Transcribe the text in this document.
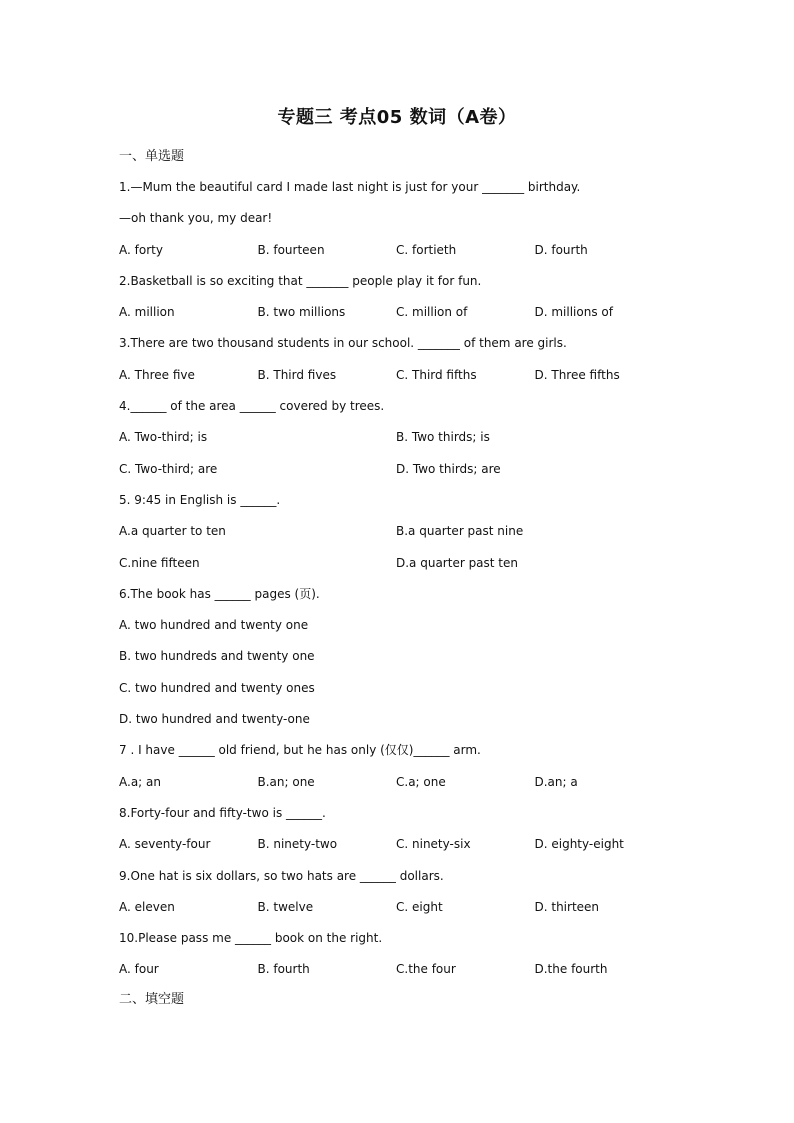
专题三 考点05 数词（A卷）
一、单选题
1.—Mum the beautiful card I made last night is just for your _______ birthday.
—oh thank you, my dear!
A. forty	B. fourteen	C. fortieth	D. fourth
2.Basketball is so exciting that _______ people play it for fun.
A. million	B. two millions	C. million of	D. millions of
3.There are two thousand students in our school. _______ of them are girls.
A. Three five	B. Third fives	C. Third fifths	D. Three fifths
4.______ of the area ______ covered by trees.
A. Two-third; is	B. Two thirds; is
C. Two-third; are	D. Two thirds; are
5. 9:45 in English is ______.
A.a quarter to ten	B.a quarter past nine
C.nine fifteen	D.a quarter past ten
6.The book has ______ pages (页).
A. two hundred and twenty one
B. two hundreds and twenty one
C. two hundred and twenty ones
D. two hundred and twenty-one
7 . I have ______ old friend, but he has only (仅仅)______ arm.
A.a; an	B.an; one	C.a; one	D.an; a
8.Forty-four and fifty-two is ______.
A. seventy-four	B. ninety-two	C. ninety-six	D. eighty-eight
9.One hat is six dollars, so two hats are ______ dollars.
A. eleven	B. twelve	C. eight	D. thirteen
10.Please pass me ______ book on the right.
A. four	B. fourth	C.the four	D.the fourth
二、填空题
